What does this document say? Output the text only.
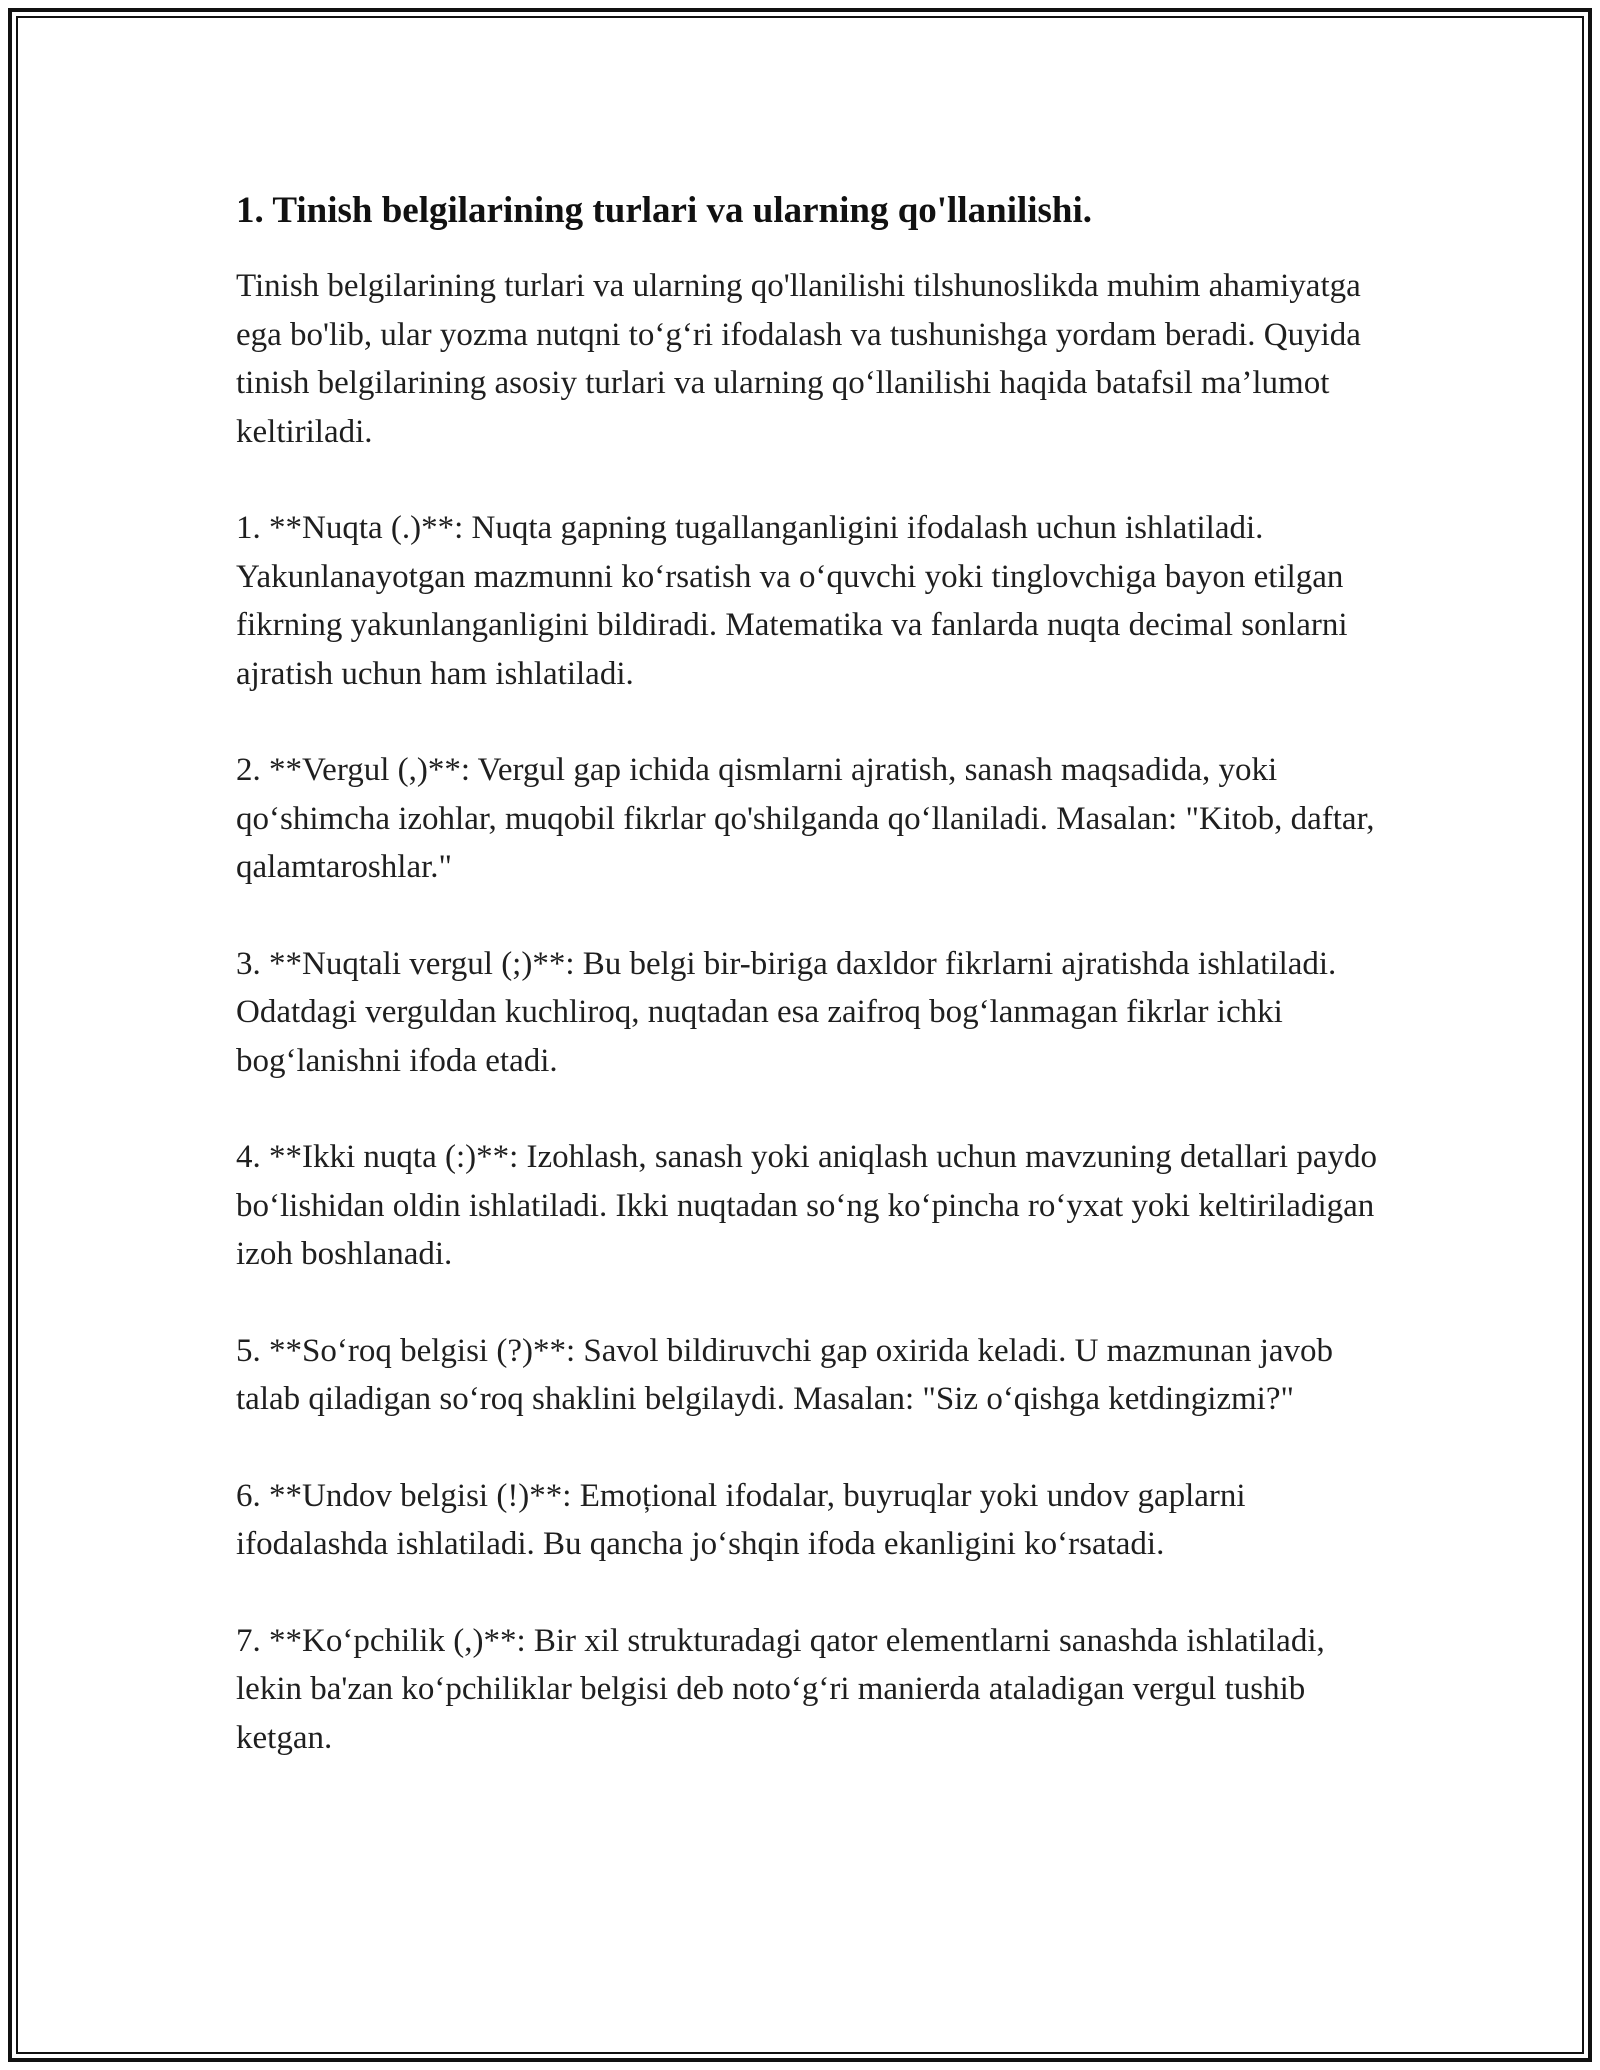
1. Tinish belgilarining turlari va ularning qo'llanilishi.

Tinish belgilarining turlari va ularning qo'llanilishi tilshunoslikda muhim ahamiyatga ega bo'lib, ular yozma nutqni to‘g‘ri ifodalash va tushunishga yordam beradi. Quyida tinish belgilarining asosiy turlari va ularning qo‘llanilishi haqida batafsil ma’lumot keltiriladi.

1. **Nuqta (.)**: Nuqta gapning tugallanganligini ifodalash uchun ishlatiladi. Yakunlanayotgan mazmunni ko‘rsatish va o‘quvchi yoki tinglovchiga bayon etilgan fikrning yakunlanganligini bildiradi. Matematika va fanlarda nuqta decimal sonlarni ajratish uchun ham ishlatiladi.

2. **Vergul (,)**: Vergul gap ichida qismlarni ajratish, sanash maqsadida, yoki qo‘shimcha izohlar, muqobil fikrlar qo'shilganda qo‘llaniladi. Masalan: "Kitob, daftar, qalamtaroshlar."

3. **Nuqtali vergul (;)**: Bu belgi bir-biriga daxldor fikrlarni ajratishda ishlatiladi. Odatdagi verguldan kuchliroq, nuqtadan esa zaifroq bog‘lanmagan fikrlar ichki bog‘lanishni ifoda etadi.

4. **Ikki nuqta (:)**: Izohlash, sanash yoki aniqlash uchun mavzuning detallari paydo bo‘lishidan oldin ishlatiladi. Ikki nuqtadan so‘ng ko‘pincha ro‘yxat yoki keltiriladigan izoh boshlanadi.

5. **So‘roq belgisi (?)**: Savol bildiruvchi gap oxirida keladi. U mazmunan javob talab qiladigan so‘roq shaklini belgilaydi. Masalan: "Siz o‘qishga ketdingizmi?"

6. **Undov belgisi (!)**: Emoțional ifodalar, buyruqlar yoki undov gaplarni ifodalashda ishlatiladi. Bu qancha jo‘shqin ifoda ekanligini ko‘rsatadi.

7. **Ko‘pchilik (,)**: Bir xil strukturadagi qator elementlarni sanashda ishlatiladi, lekin ba'zan ko‘pchiliklar belgisi deb noto‘g‘ri manierda ataladigan vergul tushib ketgan.
